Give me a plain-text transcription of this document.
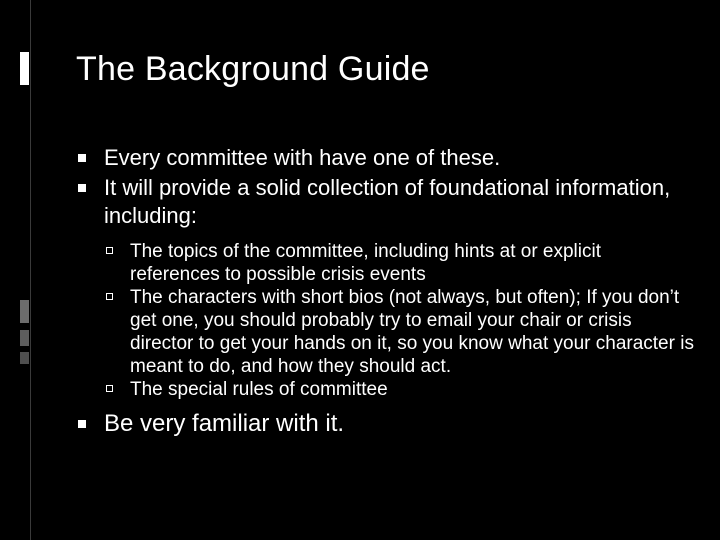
The Background Guide
Every committee with have one of these.
It will provide a solid collection of foundational information, including:
The topics of the committee, including hints at or explicit references to possible crisis events
The characters with short bios (not always, but often); If you don’t get one, you should probably try to email your chair or crisis director to get your hands on it, so you know what your character is meant to do, and how they should act.
The special rules of committee
Be very familiar with it.
